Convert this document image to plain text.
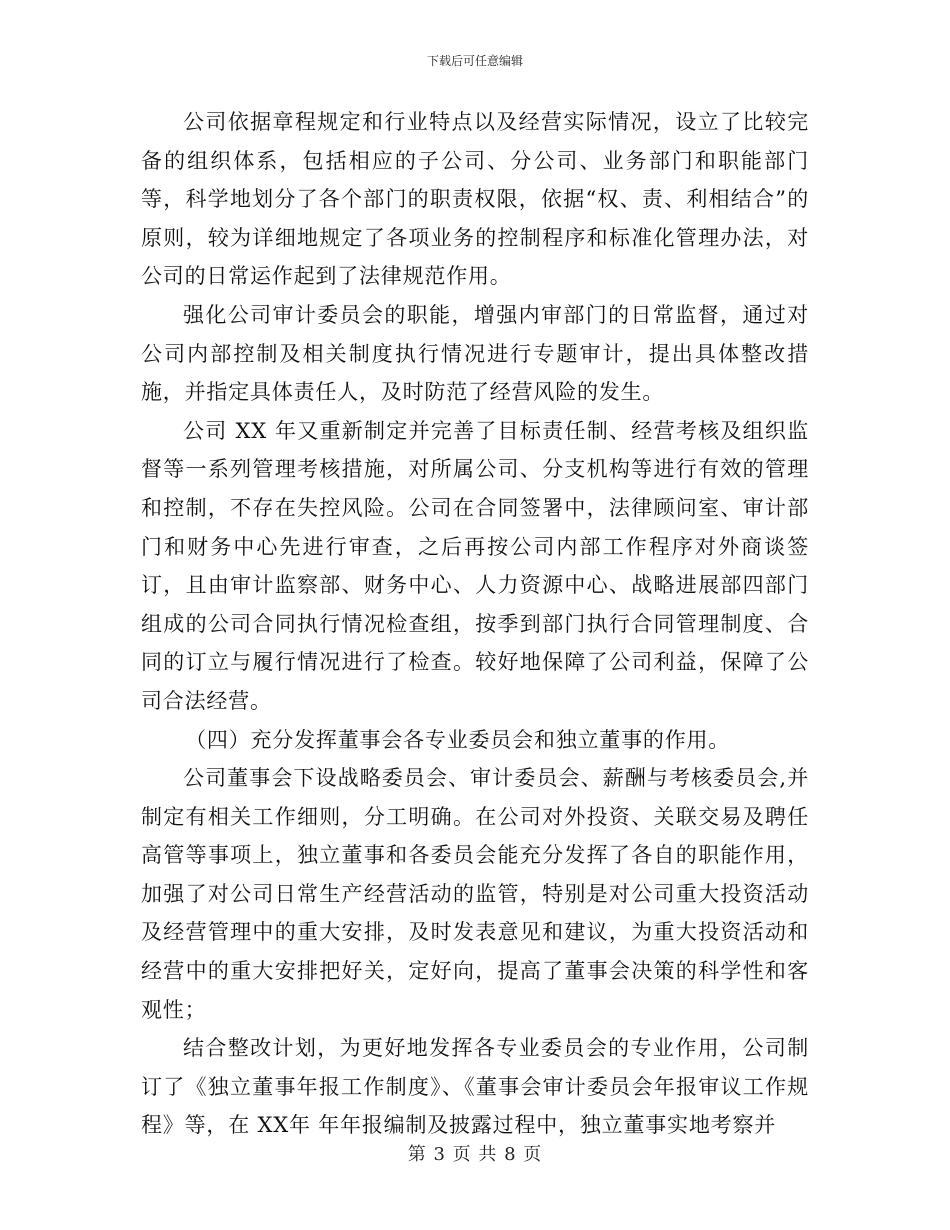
下载后可任意编辑

公司依据章程规定和行业特点以及经营实际情况，设立了比较完备的组织体系，包括相应的子公司、分公司、业务部门和职能部门等，科学地划分了各个部门的职责权限，依据“权、责、利相结合”的原则，较为详细地规定了各项业务的控制程序和标准化管理办法，对公司的日常运作起到了法律规范作用。

强化公司审计委员会的职能，增强内审部门的日常监督，通过对公司内部控制及相关制度执行情况进行专题审计，提出具体整改措施，并指定具体责任人，及时防范了经营风险的发生。

公司 XX 年又重新制定并完善了目标责任制、经营考核及组织监督等一系列管理考核措施，对所属公司、分支机构等进行有效的管理和控制，不存在失控风险。公司在合同签署中，法律顾问室、审计部门和财务中心先进行审查，之后再按公司内部工作程序对外商谈签订，且由审计监察部、财务中心、人力资源中心、战略进展部四部门组成的公司合同执行情况检查组，按季到部门执行合同管理制度、合同的订立与履行情况进行了检查。较好地保障了公司利益，保障了公司合法经营。

（四）充分发挥董事会各专业委员会和独立董事的作用。

公司董事会下设战略委员会、审计委员会、薪酬与考核委员会,并制定有相关工作细则，分工明确。在公司对外投资、关联交易及聘任高管等事项上，独立董事和各委员会能充分发挥了各自的职能作用，加强了对公司日常生产经营活动的监管，特别是对公司重大投资活动及经营管理中的重大安排，及时发表意见和建议，为重大投资活动和经营中的重大安排把好关，定好向，提高了董事会决策的科学性和客观性；

结合整改计划，为更好地发挥各专业委员会的专业作用，公司制订了《独立董事年报工作制度》、《董事会审计委员会年报审议工作规程》等，在 XX年 年年报编制及披露过程中，独立董事实地考察并

第 3 页 共 8 页
